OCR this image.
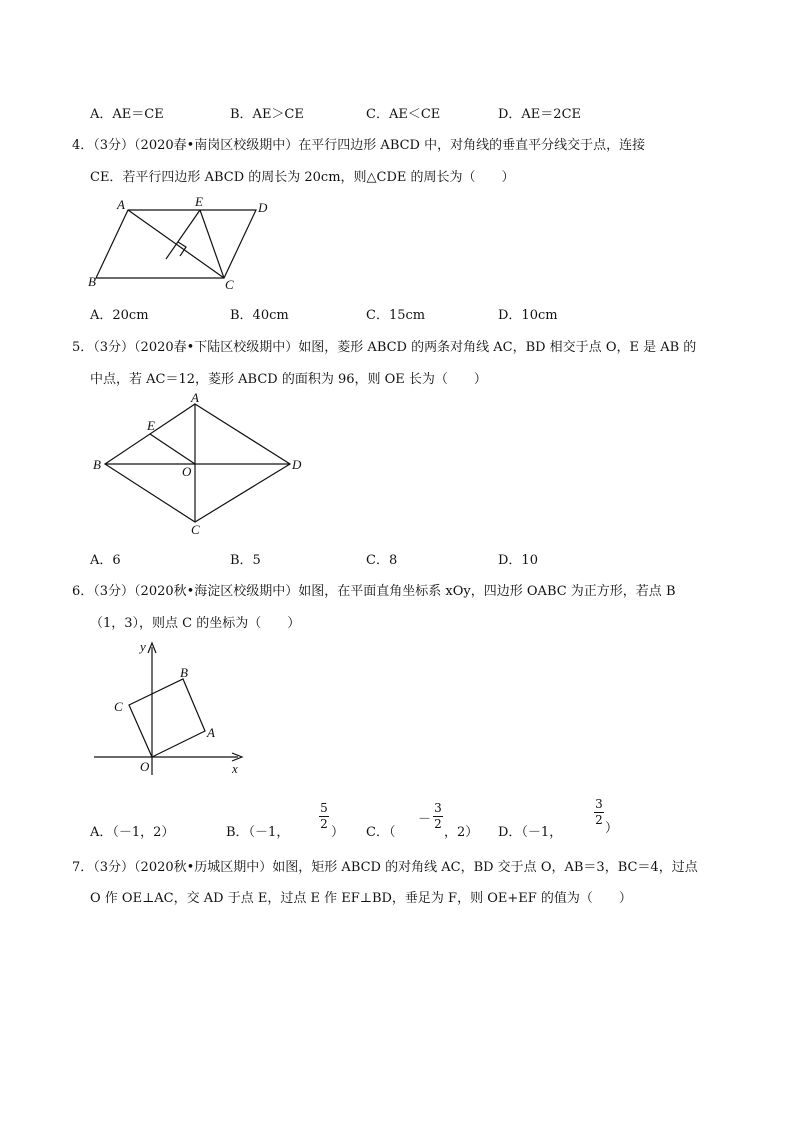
A．AE＝CE	B．AE＞CE	C．AE＜CE	D．AE＝2CE
4．（3分）（2020春•南岗区校级期中）在平行四边形 ABCD 中，对角线的垂直平分线交于点，连接
CE．若平行四边形 ABCD 的周长为 20cm，则△CDE 的周长为（　　）
A	E	D
B	C
A．20cm	B．40cm	C．15cm	D．10cm
5．（3分）（2020春•下陆区校级期中）如图，菱形 ABCD 的两条对角线 AC，BD 相交于点 O，E 是 AB 的
中点，若 AC＝12，菱形 ABCD 的面积为 96，则 OE 长为（　　）
A
E
B	O	D
C
A．6	B．5	C．8	D．10
6．（3分）（2020秋•海淀区校级期中）如图，在平面直角坐标系 xOy，四边形 OABC 为正方形，若点 B
（1，3），则点 C 的坐标为（　　）
y
B
C
A
O	x
A．（－1，2）	B．（－1，
5
2
） C．（
－
3
2
，2） D．（－1，
3
2
）
7．（3分）（2020秋•历城区期中）如图，矩形 ABCD 的对角线 AC，BD 交于点 O，AB＝3，BC＝4，过点
O 作 OE⊥AC，交 AD 于点 E，过点 E 作 EF⊥BD，垂足为 F，则 OE+EF 的值为（　　）
